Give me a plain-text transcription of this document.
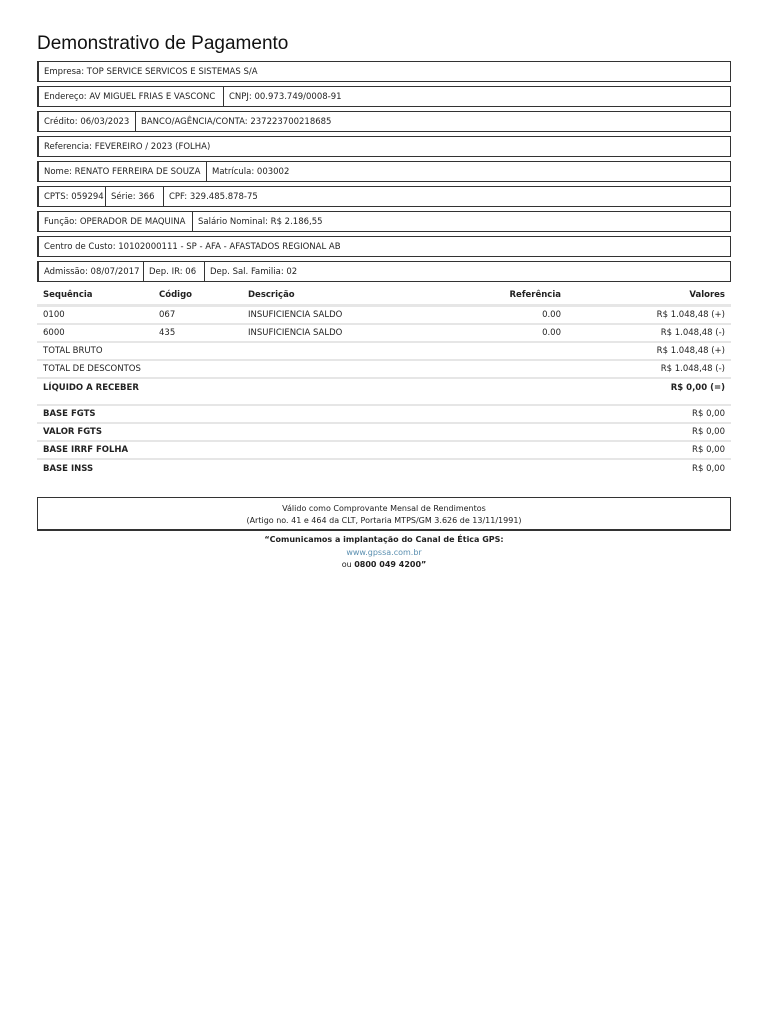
Demonstrativo de Pagamento
Empresa: TOP SERVICE SERVICOS E SISTEMAS S/A
Endereço: AV MIGUEL FRIAS E VASCONC	CNPJ: 00.973.749/0008-91
Crédito: 06/03/2023	BANCO/AGÊNCIA/CONTA: 237223700218685
Referencia: FEVEREIRO / 2023 (FOLHA)
Nome: RENATO FERREIRA DE SOUZA	Matrícula: 003002
CPTS: 059294 Série: 366	CPF: 329.485.878-75
Função: OPERADOR DE MAQUINA	Salário Nominal: R$ 2.186,55
Centro de Custo: 10102000111 - SP - AFA - AFASTADOS REGIONAL AB
Admissão: 08/07/2017	Dep. IR: 06	Dep. Sal. Familia: 02
Sequência	Código	Descrição	Referência	Valores
0100	067	INSUFICIENCIA SALDO	0.00	R$ 1.048,48 (+)
6000	435	INSUFICIENCIA SALDO	0.00	R$ 1.048,48 (-)
TOTAL BRUTO	R$ 1.048,48 (+)
TOTAL DE DESCONTOS	R$ 1.048,48 (-)
LÍQUIDO A RECEBER	R$ 0,00 (=)
BASE FGTS	R$ 0,00
VALOR FGTS	R$ 0,00
BASE IRRF FOLHA	R$ 0,00
BASE INSS	R$ 0,00
Válido como Comprovante Mensal de Rendimentos
(Artigo no. 41 e 464 da CLT, Portaria MTPS/GM 3.626 de 13/11/1991)
“Comunicamos a implantação do Canal de Ética GPS:
www.gpssa.com.br
ou 0800 049 4200”
